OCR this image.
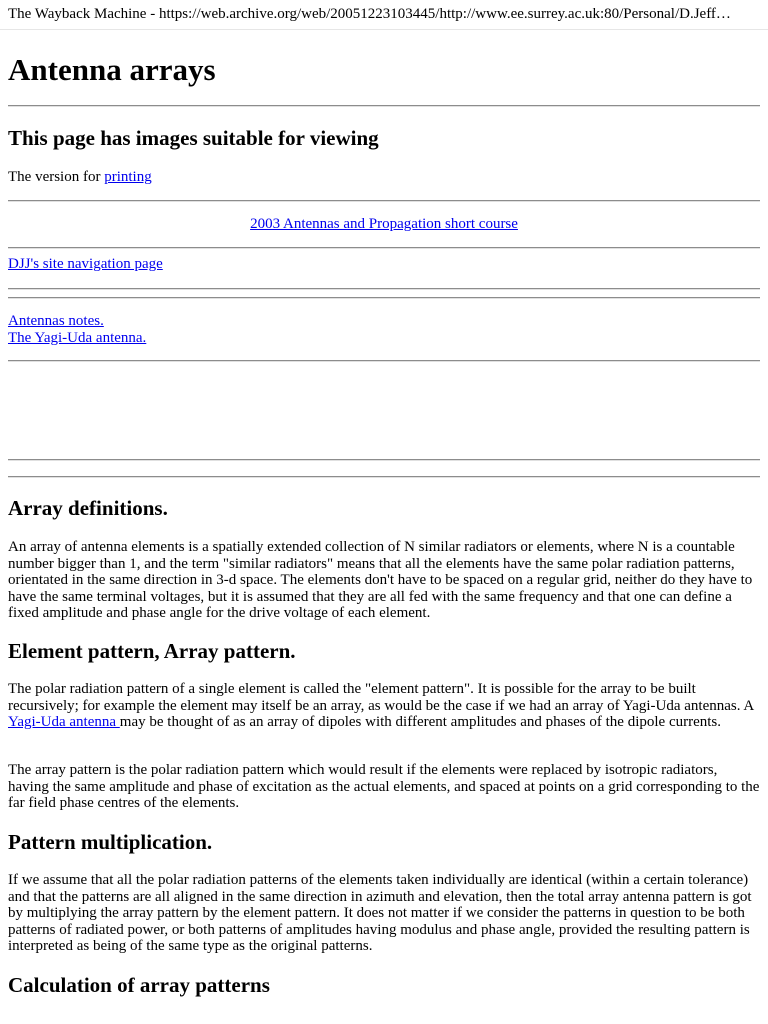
The Wayback Machine - https://web.archive.org/web/20051223103445/http://www.ee.surrey.ac.uk:80/Personal/D.Jeff…
Antenna arrays
This page has images suitable for viewing

The version for printing

2003 Antennas and Propagation short course

DJJ's site navigation page

Antennas notes.
The Yagi-Uda antenna.
Array definitions.

An array of antenna elements is a spatially extended collection of N similar radiators or elements, where N is a countable number bigger than 1, and the term "similar radiators" means that all the elements have the same polar radiation patterns, orientated in the same direction in 3-d space. The elements don't have to be spaced on a regular grid, neither do they have to have the same terminal voltages, but it is assumed that they are all fed with the same frequency and that one can define a fixed amplitude and phase angle for the drive voltage of each element.

Element pattern, Array pattern.

The polar radiation pattern of a single element is called the "element pattern". It is possible for the array to be built recursively; for example the element may itself be an array, as would be the case if we had an array of Yagi-Uda antennas. A Yagi-Uda antenna may be thought of as an array of dipoles with different amplitudes and phases of the dipole currents.

The array pattern is the polar radiation pattern which would result if the elements were replaced by isotropic radiators, having the same amplitude and phase of excitation as the actual elements, and spaced at points on a grid corresponding to the far field phase centres of the elements.

Pattern multiplication.

If we assume that all the polar radiation patterns of the elements taken individually are identical (within a certain tolerance) and that the patterns are all aligned in the same direction in azimuth and elevation, then the total array antenna pattern is got by multiplying the array pattern by the element pattern. It does not matter if we consider the patterns in question to be both patterns of radiated power, or both patterns of amplitudes having modulus and phase angle, provided the resulting pattern is interpreted as being of the same type as the original patterns.

Calculation of array patterns
